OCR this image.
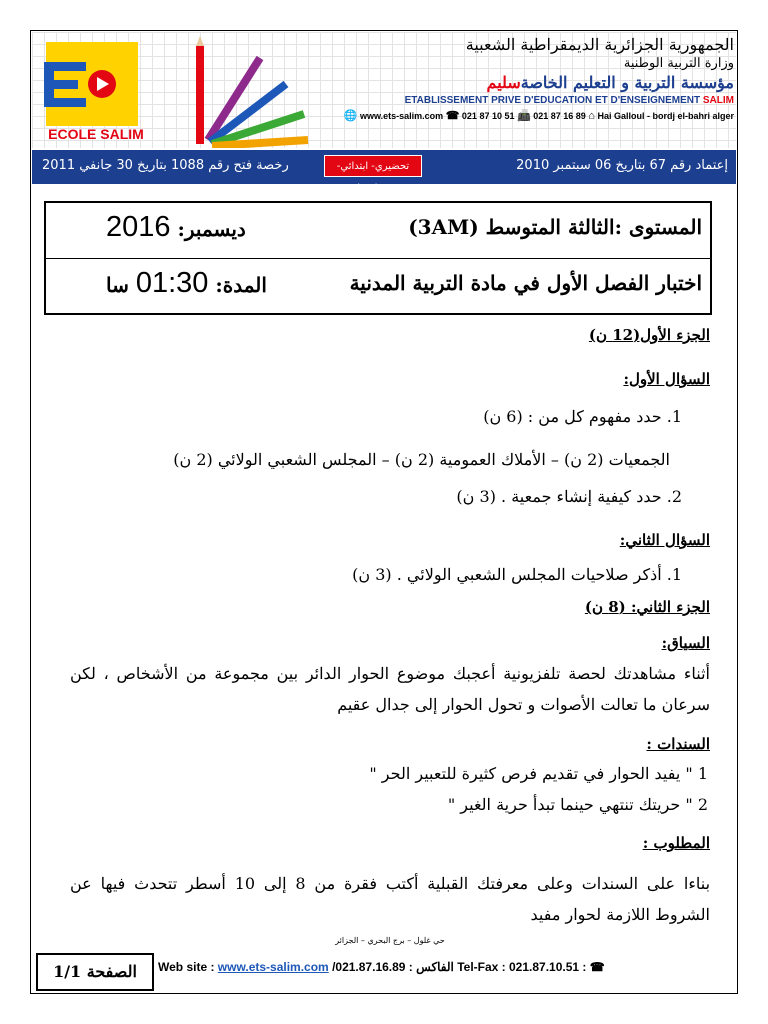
ECOLE SALIM
الجمهورية الجزائرية الديمقراطية الشعبية
وزارة التربية الوطنية
مؤسسة التربية و التعليم الخاصةسليم
ETABLISSEMENT PRIVE D'EDUCATION ET D'ENSEIGNEMENT SALIM
🌐 www.ets-salim.com ☎ 021 87 10 51 📠 021 87 16 89 ⌂ Hai Galloul - bordj el-bahri alger
إعتماد رقم 67 بتاريخ 06 سبتمبر 2010
تحضيري- ابتدائي- متوسط - ثانوي
رخصة فتح رقم 1088 بتاريخ 30 جانفي 2011
المستوى :الثالثة المتوسط (3AM)
ديسمبر: 2016
اختبار الفصل الأول في مادة التربية المدنية
المدة: 01:30 سا
الجزء الأول(12 ن)
السؤال الأول:
1. حدد مفهوم كل من : (6 ن)
الجمعيات (2 ن) – الأملاك العمومية (2 ن) – المجلس الشعبي الولائي (2 ن)
2. حدد كيفية إنشاء جمعية . (3 ن)
السؤال الثاني:
1. أذكر صلاحيات المجلس الشعبي الولائي . (3 ن)
الجزء الثاني: (8 ن)
السياق:
أثناء مشاهدتك لحصة تلفزيونية أعجبك موضوع الحوار الدائر بين مجموعة من الأشخاص ، لكن سرعان ما تعالت الأصوات و تحول الحوار إلى جدال عقيم
السندات :
1 " يفيد الحوار في تقديم فرص كثيرة للتعبير الحر "
2 " حريتك تنتهي حينما تبدأ حرية الغير "
المطلوب :
بناءا على السندات وعلى معرفتك القبلية أكتب فقرة من 8 إلى 10 أسطر تتحدث فيها عن الشروط اللازمة لحوار مفيد
حي غلول – برج البحري – الجزائر
Web site : www.ets-salim.com /021.87.16.89 : الفاكس Tel-Fax : 021.87.10.51 : ☎
الصفحة 1/1
